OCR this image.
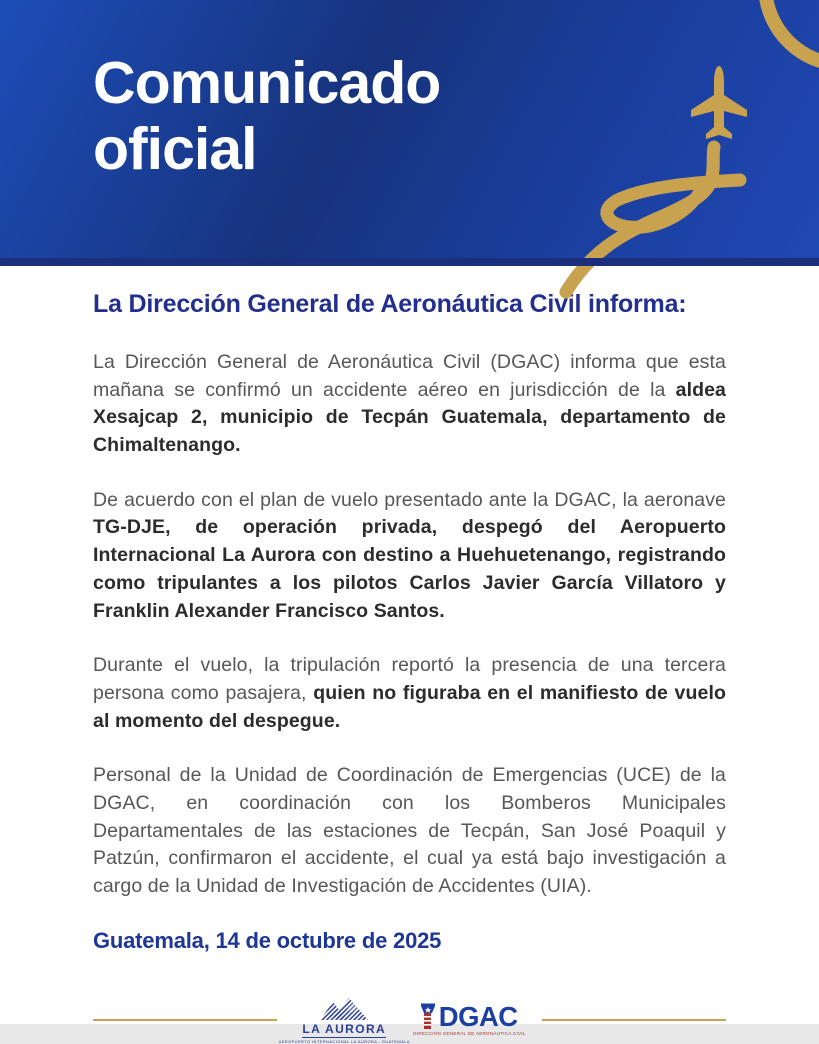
Comunicado
oficial
La Dirección General de Aeronáutica Civil informa:

La Dirección General de Aeronáutica Civil (DGAC) informa que esta mañana se confirmó un accidente aéreo en jurisdicción de la aldea Xesajcap 2, municipio de Tecpán Guatemala, departamento de Chimaltenango.

De acuerdo con el plan de vuelo presentado ante la DGAC, la aeronave TG-DJE, de operación privada, despegó del Aeropuerto Internacional La Aurora con destino a Huehuetenango, registrando como tripulantes a los pilotos Carlos Javier García Villatoro y Franklin Alexander Francisco Santos.

Durante el vuelo, la tripulación reportó la presencia de una tercera persona como pasajera, quien no figuraba en el manifiesto de vuelo al momento del despegue.

Personal de la Unidad de Coordinación de Emergencias (UCE) de la DGAC, en coordinación con los Bomberos Municipales Departamentales de las estaciones de Tecpán, San José Poaquil y Patzún, confirmaron el accidente, el cual ya está bajo investigación a cargo de la Unidad de Investigación de Accidentes (UIA).

Guatemala, 14 de octubre de 2025
LA AURORA
AEROPUERTO INTERNACIONAL LA AURORA - GUATEMALA
DGAC
DIRECCIÓN GENERAL DE AERONÁUTICA CIVIL
